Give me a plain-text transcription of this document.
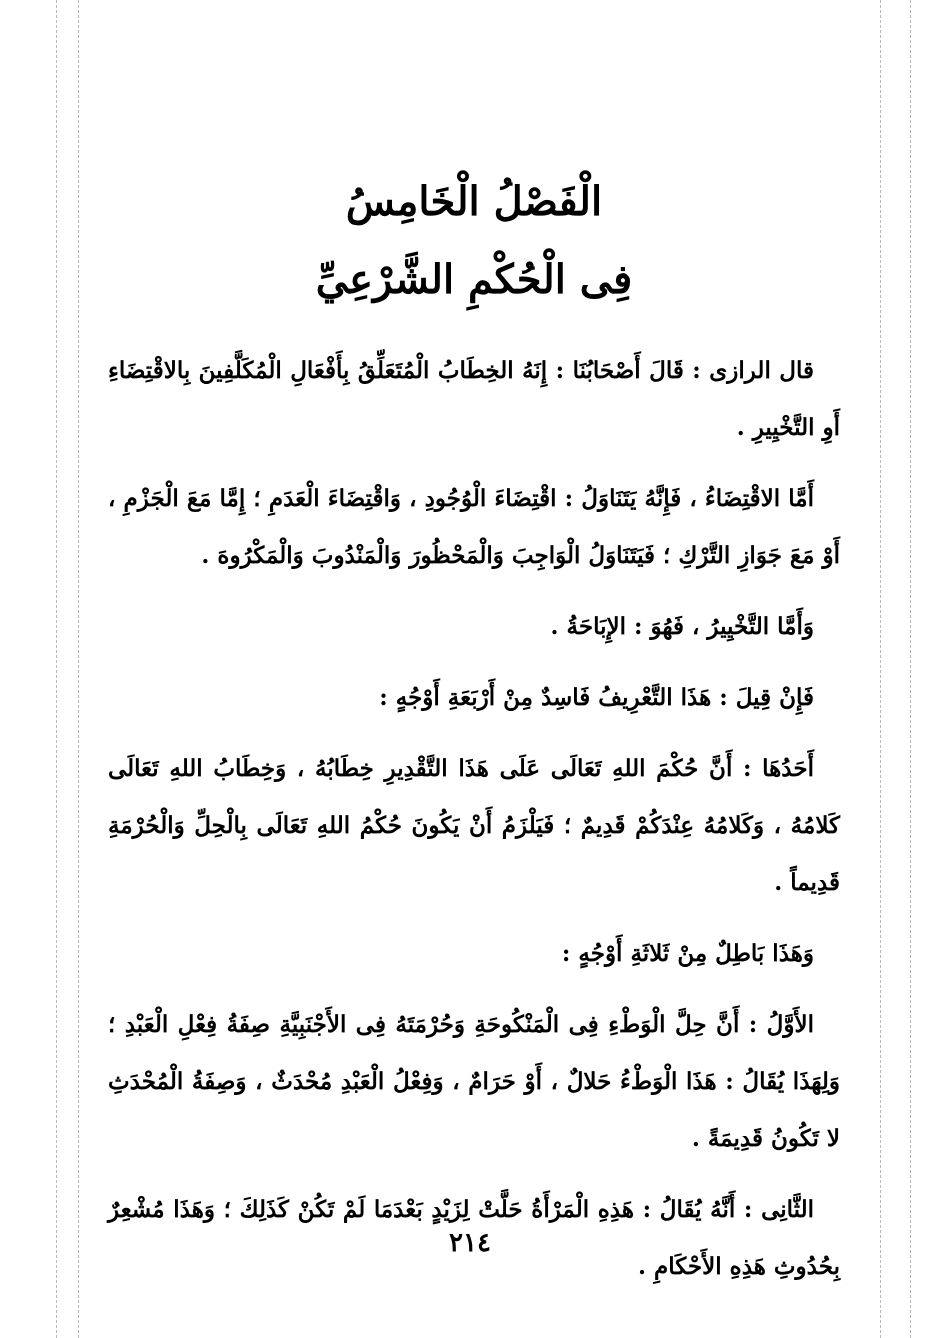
الْفَصْلُ الْخَامِسُ
فِى الْحُكْمِ الشَّرْعِيِّ

قال الرازى : قَالَ أَصْحَابُنَا : إِنَهُ الخِطَابُ الْمُتَعَلِّقُ بِأَفْعَالِ الْمُكَلَّفِينَ بِالاقْتِضَاءِ أَوِ التَّخْيِيرِ .

أَمَّا الاقْتِضَاءُ ، فَإِنَّهُ يَتَنَاوَلُ : اقْتِضَاءَ الْوُجُودِ ، وَاقْتِضَاءَ الْعَدَمِ ؛ إِمَّا مَعَ الْجَزْمِ ، أَوْ مَعَ جَوَازِ التَّرْكِ ؛ فَيَتَنَاوَلُ الْوَاجِبَ وَالْمَحْظُورَ وَالْمَنْدُوبَ وَالْمَكْرُوهَ .

وَأَمَّا التَّخْيِيرُ ، فَهُوَ : الإِبَاحَةُ .

فَإِنْ قِيلَ : هَذَا التَّعْرِيفُ فَاسِدٌ مِنْ أَرْبَعَةِ أَوْجُهٍ :

أَحَدُهَا : أَنَّ حُكْمَ اللهِ تَعَالَى عَلَى هَذَا التَّقْدِيرِ خِطَابُهُ ، وَخِطَابُ اللهِ تَعَالَى كَلامُهُ ، وَكَلامُهُ عِنْدَكُمْ قَدِيمٌ ؛ فَيَلْزَمُ أَنْ يَكُونَ حُكْمُ اللهِ تَعَالَى بِالْحِلِّ وَالْحُرْمَةِ قَدِيماً .

وَهَذَا بَاطِلٌ مِنْ ثَلاثَةِ أَوْجُهٍ :

الأَوَّلُ : أَنَّ حِلَّ الْوَطْءِ فِى الْمَنْكُوحَةِ وَحُرْمَتَهُ فِى الأَجْنَبِيَّةِ صِفَةُ فِعْلِ الْعَبْدِ ؛ وَلِهَذَا يُقَالُ : هَذَا الْوَطْءُ حَلالٌ ، أَوْ حَرَامٌ ، وَفِعْلُ الْعَبْدِ مُحْدَثٌ ، وَصِفَةُ الْمُحْدَثِ لا تَكُونُ قَدِيمَةً .

الثَّانِى : أَنَّهُ يُقَالُ : هَذِهِ الْمَرْأَةُ حَلَّتْ لِزَيْدٍ بَعْدَمَا لَمْ تَكُنْ كَذَلِكَ ؛ وَهَذَا مُشْعِرٌ بِحُدُوثِ هَذِهِ الأَحْكَامِ .

٢١٤
